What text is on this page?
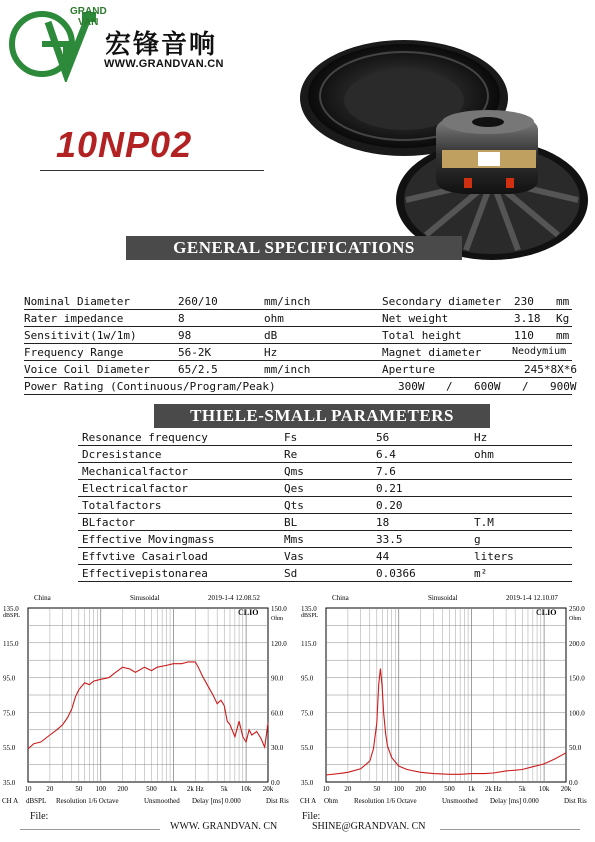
GRAND
VAN
宏锋音响
WWW.GRANDVAN.CN
10NP02
GENERAL SPECIFICATIONS
Nominal Diameter	260/10	mm/inch	Secondary diameter 230 mm
Rater impedance	8	ohm	Net weight	3.18 Kg
Sensitivit(1w/1m)	98	dB	Total height	110 mm
Frequency Range	56-2K	Hz	Magnet diameter	Neodymium
Voice Coil Diameter	65/2.5	mm/inch	Aperture	245*8X*6
Power Rating (Continuous/Program/Peak)	300W / 600W / 900W
THIELE-SMALL PARAMETERS
Resonance frequency	Fs	56	Hz
Dcresistance	Re	6.4	ohm
Mechanicalfactor	Qms	7.6
Electricalfactor	Qes	0.21
Totalfactors	Qts	0.20
BLfactor	BL	18	T.M
Effective Movingmass	Mms	33.5	g
Effvtive Casairload	Vas	44	liters
Effectivepistonarea	Sd	0.0366	m²
China	Sinusoidal	2019-1-4 12.08.52
CLIO
135.0
115.0
95.0
75.0
55.0
35.0
dBSPL
150.0
120.0
90.0
60.0
30.0
0.0
Ohm
10 20	50 100 200	500 1k 2k Hz 5k 10k 20k
CH A dBSPL Resolution 1/6 Octave	Unsmoothed Delay [ms] 0.000	Dist Ris
China	Sinusoidal	2019-1-4 12.10.07
CLIO
135.0
115.0
95.0
75.0
55.0
35.0
dBSPL
250.0
200.0
150.0
100.0
50.0
0.0
Ohm
10 20	50 100 200	500 1k 2k Hz 5k 10k 20k
CH A Ohm Resolution 1/6 Octave	Unsmoothed Delay [ms] 0.000	Dist Ris
File:	File:
WWW. GRANDVAN. CN	SHINE@GRANDVAN. CN
